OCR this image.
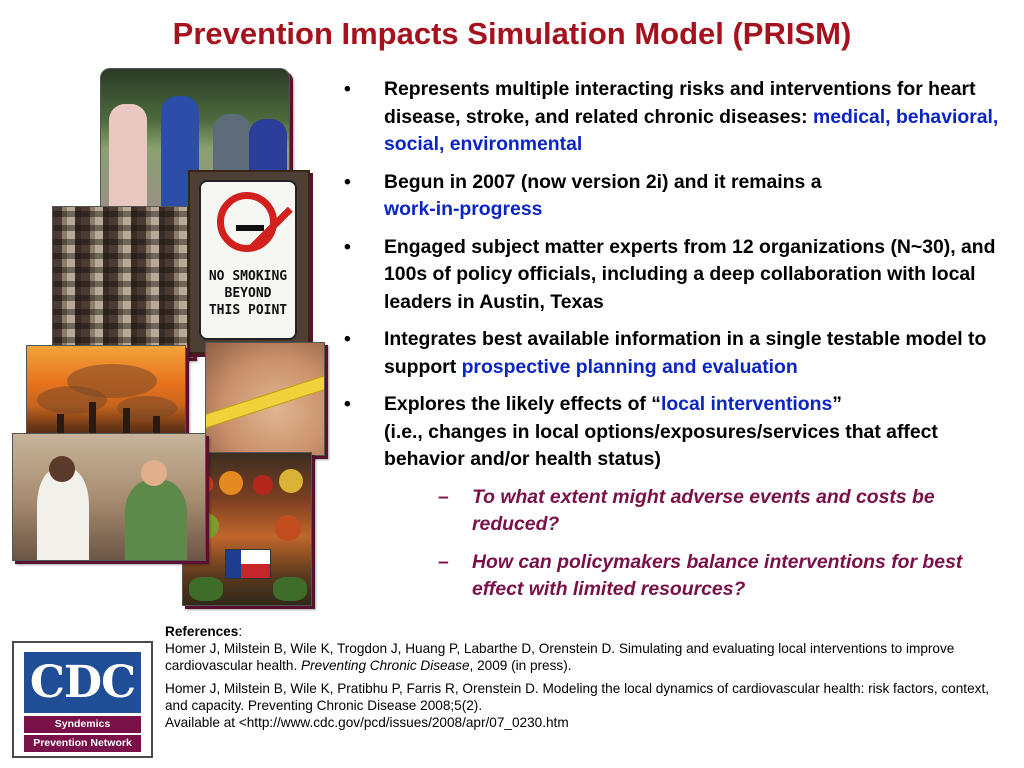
Prevention Impacts Simulation Model (PRISM)
NO SMOKING
BEYOND
THIS POINT
• Represents multiple interacting risks and interventions for heart disease, stroke, and related chronic diseases: medical, behavioral, social, environmental
• Begun in 2007 (now version 2i) and it remains a
work-in-progress
• Engaged subject matter experts from 12 organizations (N~30), and 100s of policy officials, including a deep collaboration with local leaders in Austin, Texas
• Integrates best available information in a single testable model to support prospective planning and evaluation
• Explores the likely effects of “local interventions”
(i.e., changes in local options/exposures/services that affect behavior and/or health status)
– To what extent might adverse events and costs be reduced?
– How can policymakers balance interventions for best effect with limited resources?
CDC
Syndemics
Prevention Network
References:

Homer J, Milstein B, Wile K, Trogdon J, Huang P, Labarthe D, Orenstein D. Simulating and evaluating local interventions to improve cardiovascular health. Preventing Chronic Disease, 2009 (in press).

Homer J, Milstein B, Wile K, Pratibhu P, Farris R, Orenstein D. Modeling the local dynamics of cardiovascular health: risk factors, context, and capacity. Preventing Chronic Disease 2008;5(2).
Available at <http://www.cdc.gov/pcd/issues/2008/apr/07_0230.htm
